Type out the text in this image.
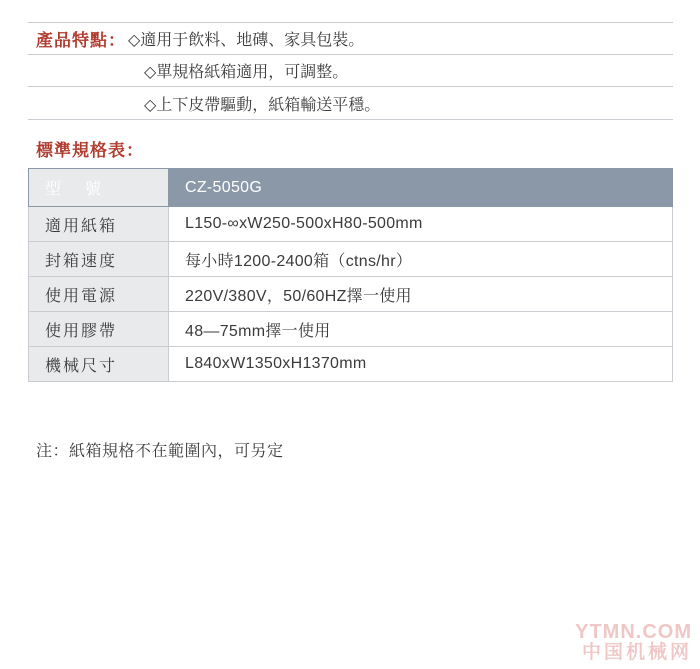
產品特點： ◇適用于飲料、地磚、家具包裝。
◇單規格紙箱適用，可調整。
◇上下皮帶驅動，紙箱輸送平穩。
標準規格表：
型　號	CZ-5050G
適用紙箱	L150-∞xW250-500xH80-500mm
封箱速度	每小時1200-2400箱（ctns/hr）
使用電源	220V/380V，50/60HZ擇一使用
使用膠帶	48—75mm擇一使用
機械尺寸	L840xW1350xH1370mm
注：紙箱規格不在範圍內，可另定
YTMN.COM
中国机械网
